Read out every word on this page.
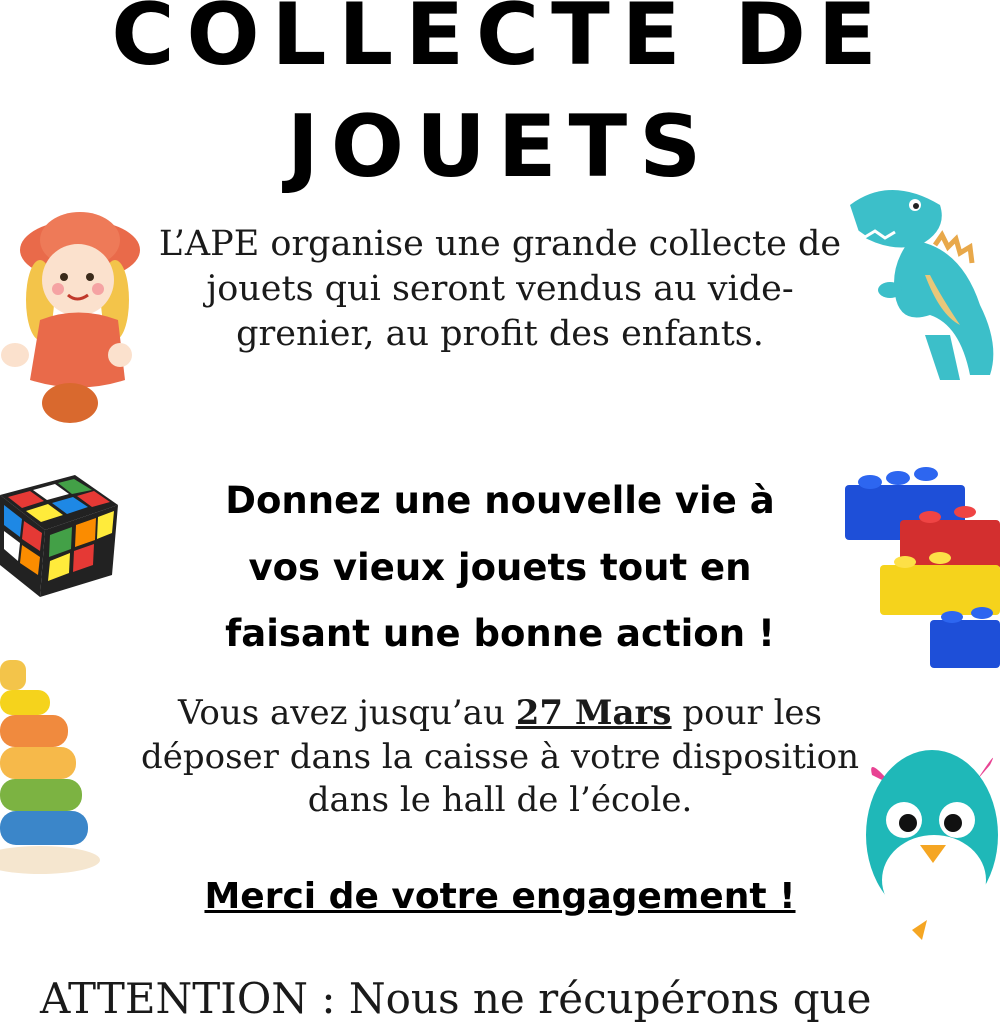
COLLECTE DE
JOUETS

L’APE organise une grande collecte de jouets qui seront vendus au vide-grenier, au profit des enfants.

Donnez une nouvelle vie à
vos vieux jouets tout en
faisant une bonne action !

Vous avez jusqu’au 27 Mars pour les déposer dans la caisse à votre disposition dans le hall de l’école.

Merci de votre engagement !

ATTENTION : Nous ne récupérons que
